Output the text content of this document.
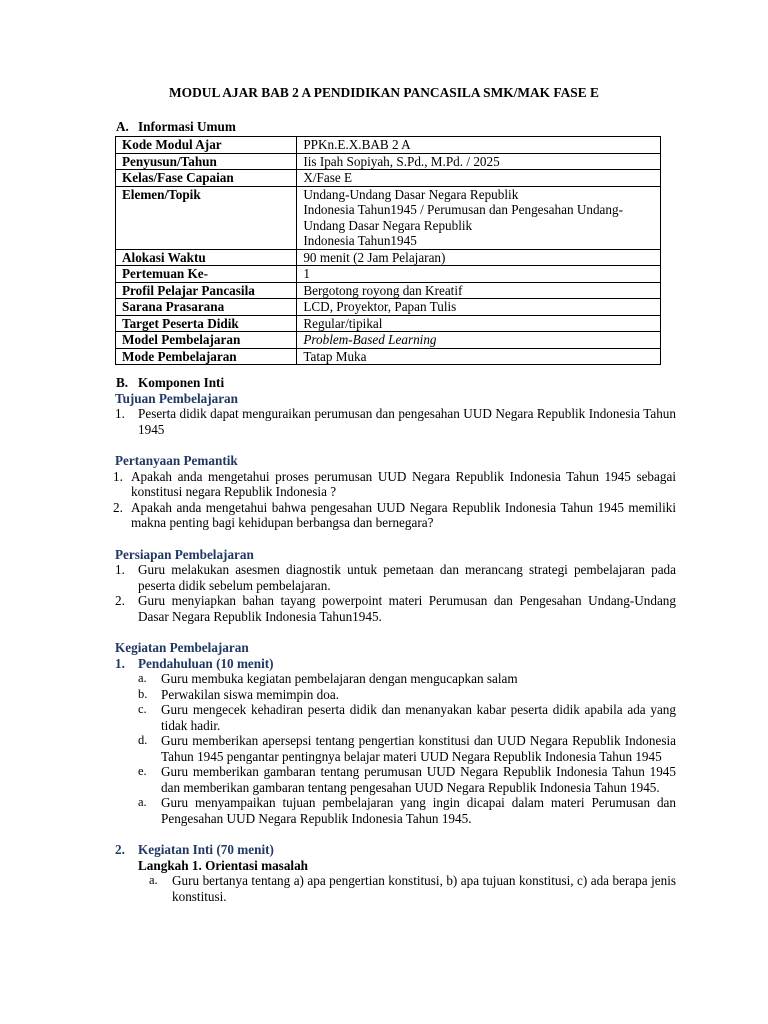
MODUL AJAR BAB 2 A PENDIDIKAN PANCASILA SMK/MAK FASE E
A. Informasi Umum
Kode Modul Ajar	PPKn.E.X.BAB 2 A
Penyusun/Tahun	Iis Ipah Sopiyah, S.Pd., M.Pd. / 2025
Kelas/Fase Capaian	X/Fase E
Elemen/Topik	Undang-Undang Dasar Negara Republik
Indonesia Tahun1945 / Perumusan dan Pengesahan Undang-
Undang Dasar Negara Republik
Indonesia Tahun1945

Alokasi Waktu	90 menit (2 Jam Pelajaran)
Pertemuan Ke-	1
Profil Pelajar Pancasila	Bergotong royong dan Kreatif
Sarana Prasarana	LCD, Proyektor, Papan Tulis
Target Peserta Didik	Regular/tipikal
Model Pembelajaran	Problem-Based Learning
Mode Pembelajaran	Tatap Muka
B. Komponen Inti
Tujuan Pembelajaran
1. Peserta didik dapat menguraikan perumusan dan pengesahan UUD Negara Republik Indonesia Tahun 1945
Pertanyaan Pemantik
1. Apakah anda mengetahui proses perumusan UUD Negara Republik Indonesia Tahun 1945 sebagai konstitusi negara Republik Indonesia ?
2. Apakah anda mengetahui bahwa pengesahan UUD Negara Republik Indonesia Tahun 1945 memiliki makna penting bagi kehidupan berbangsa dan bernegara?
Persiapan Pembelajaran
1. Guru melakukan asesmen diagnostik untuk pemetaan dan merancang strategi pembelajaran pada peserta didik sebelum pembelajaran.
2. Guru menyiapkan bahan tayang powerpoint materi Perumusan dan Pengesahan Undang-Undang Dasar Negara Republik Indonesia Tahun1945.
Kegiatan Pembelajaran
1. Pendahuluan (10 menit)
a.	Guru membuka kegiatan pembelajaran dengan mengucapkan salam
b.	Perwakilan siswa memimpin doa.
c.	Guru mengecek kehadiran peserta didik dan menanyakan kabar peserta didik apabila ada yang tidak hadir.
d.	Guru memberikan apersepsi tentang pengertian konstitusi dan UUD Negara Republik Indonesia Tahun 1945 pengantar pentingnya belajar materi UUD Negara Republik Indonesia Tahun 1945
e.	Guru memberikan gambaran tentang perumusan UUD Negara Republik Indonesia Tahun 1945 dan memberikan gambaran tentang pengesahan UUD Negara Republik Indonesia Tahun 1945.
a.	Guru menyampaikan tujuan pembelajaran yang ingin dicapai dalam materi Perumusan dan Pengesahan UUD Negara Republik Indonesia Tahun 1945.
2. Kegiatan Inti (70 menit)
Langkah 1. Orientasi masalah
a.	Guru bertanya tentang a) apa pengertian konstitusi, b) apa tujuan konstitusi, c) ada berapa jenis konstitusi.
